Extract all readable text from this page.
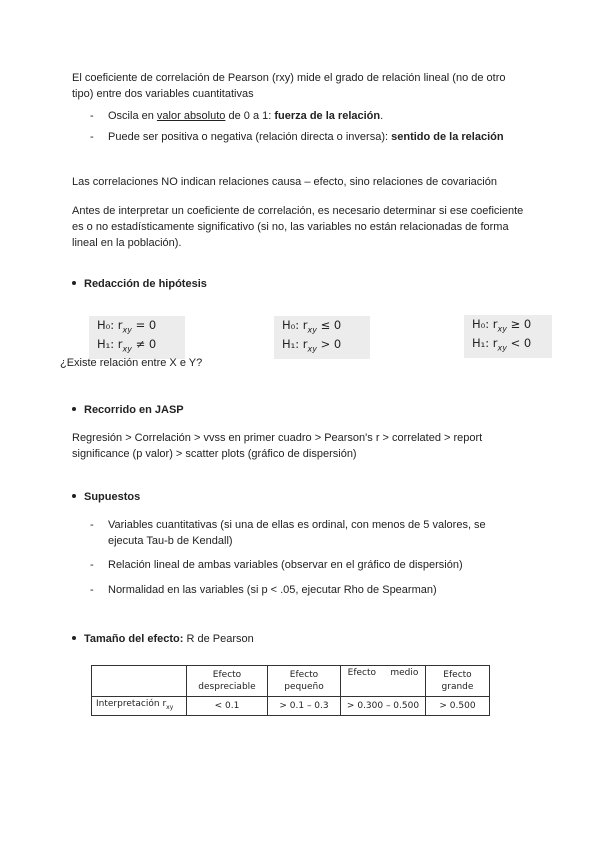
El coeficiente de correlación de Pearson (rxy) mide el grado de relación lineal (no de otro
tipo) entre dos variables cuantitativas
- Oscila en valor absoluto de 0 a 1: fuerza de la relación.
- Puede ser positiva o negativa (relación directa o inversa): sentido de la relación
Las correlaciones NO indican relaciones causa – efecto, sino relaciones de covariación
Antes de interpretar un coeficiente de correlación, es necesario determinar si ese coeficiente
es o no estadísticamente significativo (si no, las variables no están relacionadas de forma
lineal en la población).
Redacción de hipótesis
H₀: $r_{xy} = 0$
H₁: $r_{xy} \ne 0$
H₀: $r_{xy} \le 0$
H₁: $r_{xy} > 0$
H₀: $r_{xy} \ge 0$
H₁: $r_{xy} < 0$
¿Existe relación entre X e Y?
Recorrido en JASP
Regresión > Correlación > vvss en primer cuadro > Pearson's r > correlated > report
significance (p valor) > scatter plots (gráfico de dispersión)
Supuestos
- Variables cuantitativas (si una de ellas es ordinal, con menos de 5 valores, se
ejecuta Tau-b de Kendall)
- Relación lineal de ambas variables (observar en el gráfico de dispersión)
- Normalidad en las variables (si p < .05, ejecutar Rho de Spearman)
Tamaño del efecto: R de Pearson
	Efecto despreciable	Efecto pequeño	Efecto     medio	Efecto grande
Interpretación $r_{xy}$	< 0.1	> 0.1 – 0.3	> 0.300 – 0.500	> 0.500
